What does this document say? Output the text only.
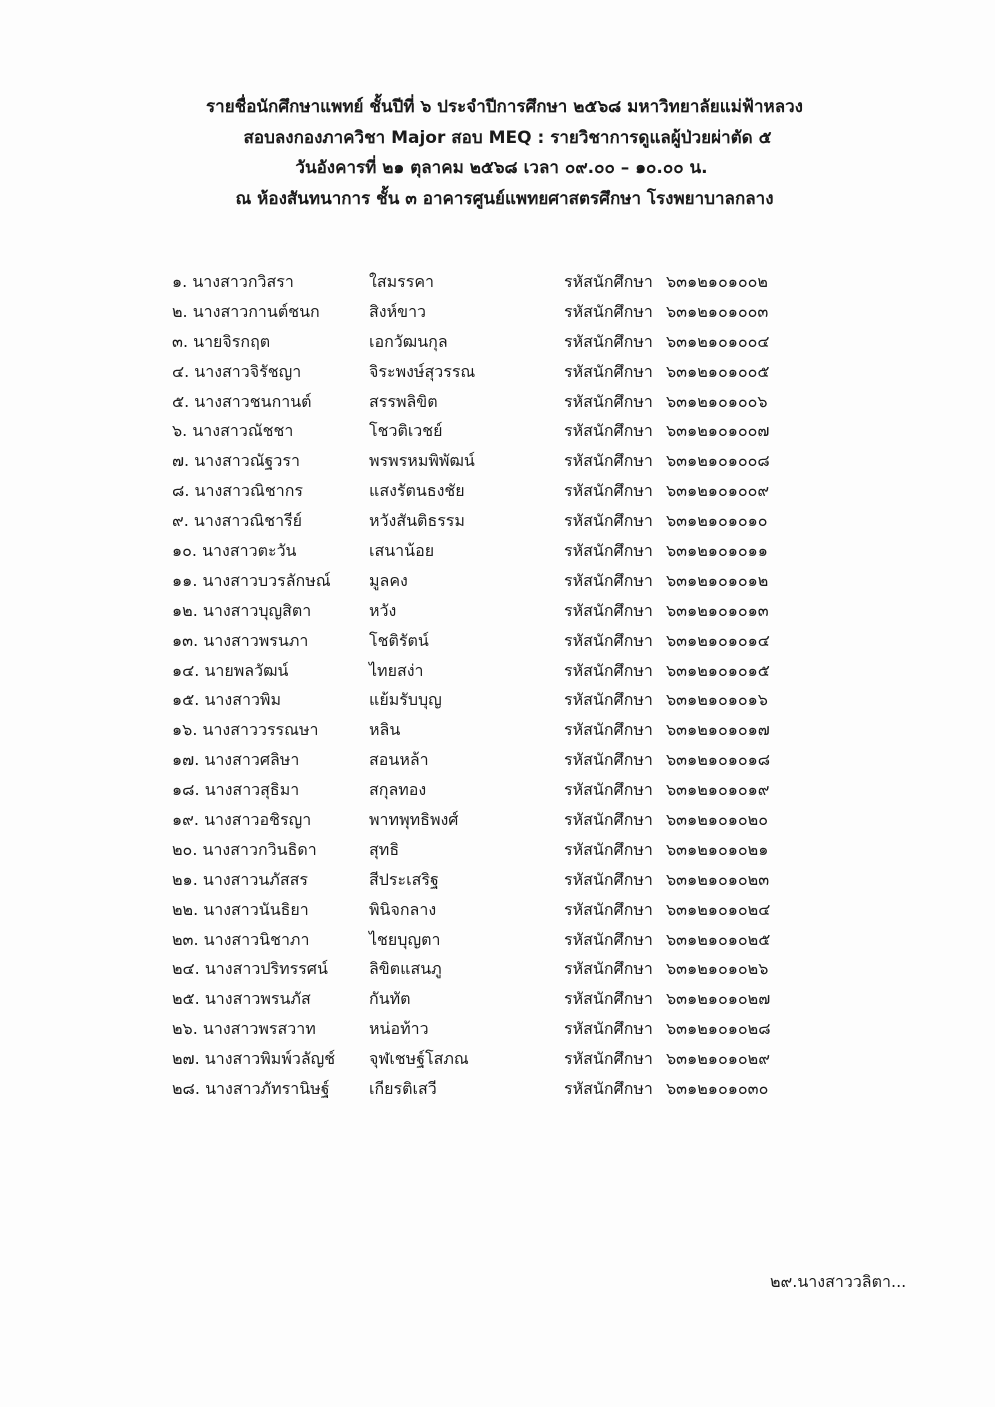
รายชื่อนักศึกษาแพทย์ ชั้นปีที่ ๖ ประจำปีการศึกษา ๒๕๖๘ มหาวิทยาลัยแม่ฟ้าหลวง
สอบลงกองภาควิชา Major สอบ MEQ : รายวิชาการดูแลผู้ป่วยผ่าตัด ๕
วันอังคารที่ ๒๑ ตุลาคม ๒๕๖๘ เวลา ๐๙.๐๐ – ๑๐.๐๐ น.
ณ ห้องสันทนาการ ชั้น ๓ อาคารศูนย์แพทยศาสตรศึกษา โรงพยาบาลกลาง
๑. นางสาวกวิสรา	ใสมรรคา	รหัสนักศึกษา ๖๓๑๒๑๐๑๐๐๒
๒. นางสาวกานต์ชนก	สิงห์ขาว	รหัสนักศึกษา ๖๓๑๒๑๐๑๐๐๓
๓. นายจิรกฤต	เอกวัฒนกุล	รหัสนักศึกษา ๖๓๑๒๑๐๑๐๐๔
๔. นางสาวจิรัชญา	จิระพงษ์สุวรรณ	รหัสนักศึกษา ๖๓๑๒๑๐๑๐๐๕
๕. นางสาวชนกานต์	สรรพลิขิต	รหัสนักศึกษา ๖๓๑๒๑๐๑๐๐๖
๖. นางสาวณัชชา	โชวติเวชย์	รหัสนักศึกษา ๖๓๑๒๑๐๑๐๐๗
๗. นางสาวณัฐวรา	พรพรหมพิพัฒน์	รหัสนักศึกษา ๖๓๑๒๑๐๑๐๐๘
๘. นางสาวณิชากร	แสงรัตนธงชัย	รหัสนักศึกษา ๖๓๑๒๑๐๑๐๐๙
๙. นางสาวณิชารีย์	หวังสันติธรรม	รหัสนักศึกษา ๖๓๑๒๑๐๑๐๑๐
๑๐. นางสาวตะวัน	เสนาน้อย	รหัสนักศึกษา ๖๓๑๒๑๐๑๐๑๑
๑๑. นางสาวบวรลักษณ์ มูลคง	รหัสนักศึกษา ๖๓๑๒๑๐๑๐๑๒
๑๒. นางสาวบุญสิตา	หวัง	รหัสนักศึกษา ๖๓๑๒๑๐๑๐๑๓
๑๓. นางสาวพรนภา	โชติรัตน์	รหัสนักศึกษา ๖๓๑๒๑๐๑๐๑๔
๑๔. นายพลวัฒน์	ไทยสง่า	รหัสนักศึกษา ๖๓๑๒๑๐๑๐๑๕
๑๕. นางสาวพิม	แย้มรับบุญ	รหัสนักศึกษา ๖๓๑๒๑๐๑๐๑๖
๑๖. นางสาววรรณษา	หลิน	รหัสนักศึกษา ๖๓๑๒๑๐๑๐๑๗
๑๗. นางสาวศลิษา	สอนหล้า	รหัสนักศึกษา ๖๓๑๒๑๐๑๐๑๘
๑๘. นางสาวสุธิมา	สกุลทอง	รหัสนักศึกษา ๖๓๑๒๑๐๑๐๑๙
๑๙. นางสาวอชิรญา	พาทพุทธิพงศ์	รหัสนักศึกษา ๖๓๑๒๑๐๑๐๒๐
๒๐. นางสาวกวินธิดา	สุทธิ	รหัสนักศึกษา ๖๓๑๒๑๐๑๐๒๑
๒๑. นางสาวนภัสสร	สีประเสริฐ	รหัสนักศึกษา ๖๓๑๒๑๐๑๐๒๓
๒๒. นางสาวนันธิยา	พินิจกลาง	รหัสนักศึกษา ๖๓๑๒๑๐๑๐๒๔
๒๓. นางสาวนิชาภา	ไชยบุญตา	รหัสนักศึกษา ๖๓๑๒๑๐๑๐๒๕
๒๔. นางสาวปริทรรศน์	ลิขิตแสนภู	รหัสนักศึกษา ๖๓๑๒๑๐๑๐๒๖
๒๕. นางสาวพรนภัส	กันทัต	รหัสนักศึกษา ๖๓๑๒๑๐๑๐๒๗
๒๖. นางสาวพรสวาท	หน่อท้าว	รหัสนักศึกษา ๖๓๑๒๑๐๑๐๒๘
๒๗. นางสาวพิมพ์วลัญช์ จุฬเชษฐ์โสภณ	รหัสนักศึกษา ๖๓๑๒๑๐๑๐๒๙
๒๘. นางสาวภัทรานิษฐ์ เกียรติเสวี	รหัสนักศึกษา ๖๓๑๒๑๐๑๐๓๐
๒๙.นางสาววลิตา...
